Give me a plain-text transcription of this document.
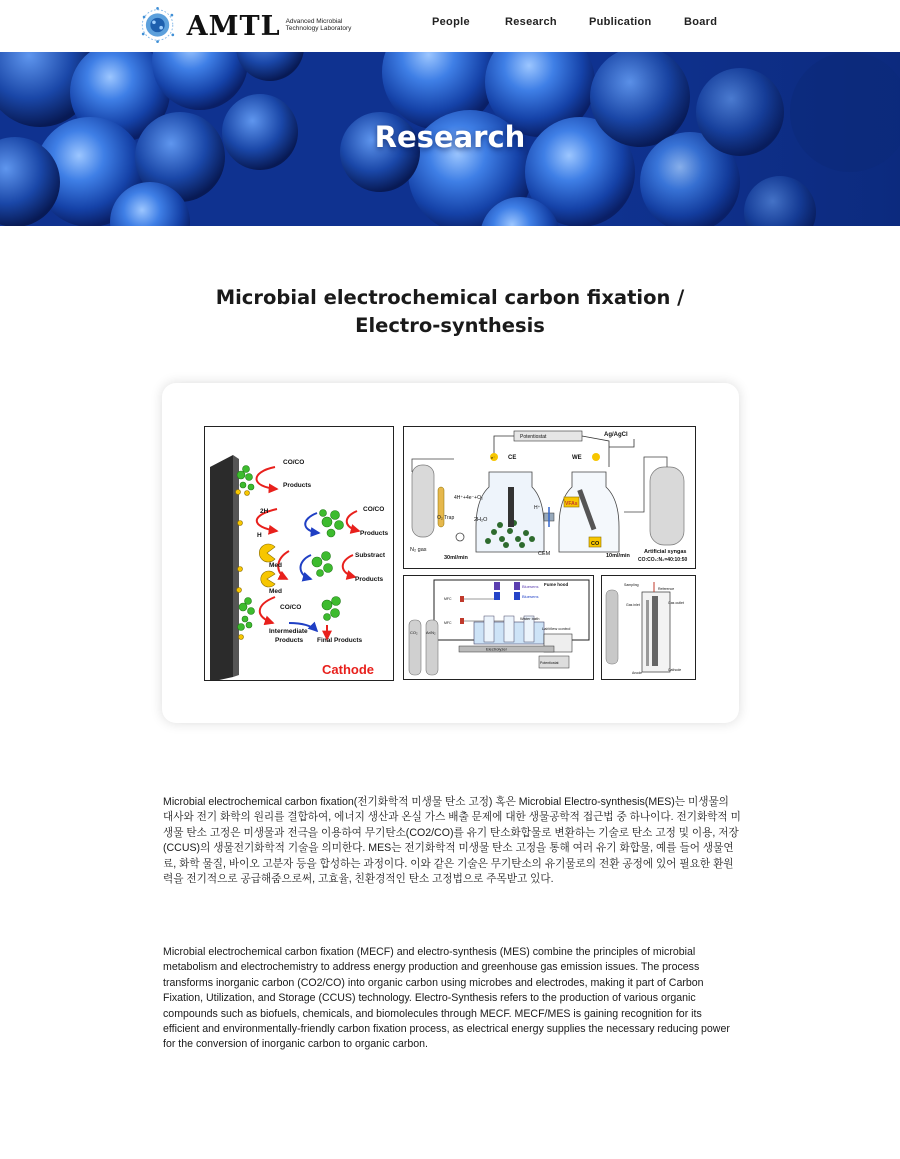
AMTL Advanced Microbial Technology Laboratory
People	Research	Publication	Board
Research
Microbial electrochemical carbon fixation /
Electro-synthesis
CO/CO
Products
2H
H
CO/CO
Products
Med
Substract
Products
Med
CO/CO
Intermediate
Products Final Products
Cathode
Potentiostat	Ag/AgCl
CE	WE
e⁻
N₂ gas
O₂ Trap
4H⁺+4e⁻+O₂
2H₂O
CEM
H⁺
VFAs
CO
30ml/min	10ml/min
Artificial syngas
CO:CO₂:N₂=40:10:50
Fume hood
Bluesens
Bluesens
MFC
MFC
CO₂ Ar/N₂
Water bath
LabView control
Electrolyzer
Potentiostat
Sampling
Reference
Gas inlet	Gas outlet
Anode
Cathode

Microbial electrochemical carbon fixation(전기화학적 미생물 탄소 고정) 혹은 Microbial Electro-synthesis(MES)는 미생물의 대사와 전기 화학의 원리를 결합하여, 에너지 생산과 온실 가스 배출 문제에 대한 생물공학적 접근법 중 하나이다. 전기화학적 미생물 탄소 고정은 미생물과 전극을 이용하여 무기탄소(CO2/CO)를 유기 탄소화합물로 변환하는 기술로 탄소 고정 및 이용, 저장(CCUS)의 생물전기화학적 기술을 의미한다. MES는 전기화학적 미생물 탄소 고정을 통해 여러 유기 화합물, 예를 들어 생물연료, 화학 물질, 바이오 고분자 등을 합성하는 과정이다. 이와 같은 기술은 무기탄소의 유기물로의 전환 공정에 있어 필요한 환원력을 전기적으로 공급해줌으로써, 고효율, 친환경적인 탄소 고정법으로 주목받고 있다.

Microbial electrochemical carbon fixation (MECF) and electro-synthesis (MES) combine the principles of microbial metabolism and electrochemistry to address energy production and greenhouse gas emission issues. The process transforms inorganic carbon (CO2/CO) into organic carbon using microbes and electrodes, making it part of Carbon Fixation, Utilization, and Storage (CCUS) technology. Electro-Synthesis refers to the production of various organic compounds such as biofuels, chemicals, and biomolecules through MECF. MECF/MES is gaining recognition for its efficient and environmentally-friendly carbon fixation process, as electrical energy supplies the necessary reducing power for the conversion of inorganic carbon to organic carbon.
